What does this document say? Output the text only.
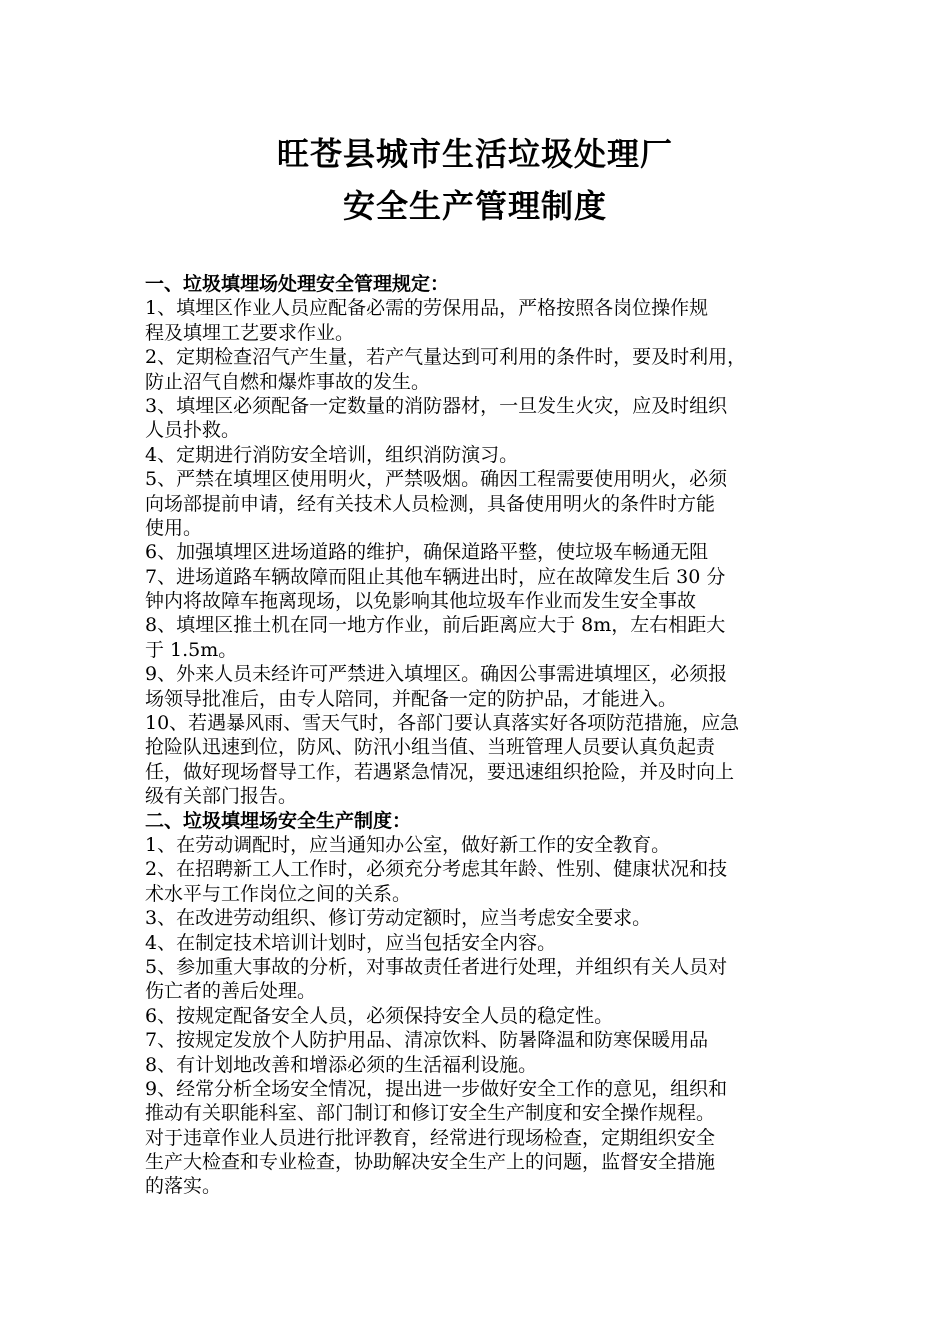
旺苍县城市生活垃圾处理厂
安全生产管理制度
一、垃圾填埋场处理安全管理规定：
1、填埋区作业人员应配备必需的劳保用品，严格按照各岗位操作规
程及填埋工艺要求作业。
2、定期检查沼气产生量，若产气量达到可利用的条件时，要及时利用，
防止沼气自燃和爆炸事故的发生。
3、填埋区必须配备一定数量的消防器材，一旦发生火灾，应及时组织
人员扑救。
4、定期进行消防安全培训，组织消防演习。
5、严禁在填埋区使用明火，严禁吸烟。确因工程需要使用明火，必须
向场部提前申请，经有关技术人员检测，具备使用明火的条件时方能
使用。
6、加强填埋区进场道路的维护，确保道路平整，使垃圾车畅通无阻
7、进场道路车辆故障而阻止其他车辆进出时，应在故障发生后 30 分
钟内将故障车拖离现场，以免影响其他垃圾车作业而发生安全事故
8、填埋区推土机在同一地方作业，前后距离应大于 8m，左右相距大
于 1.5m。
9、外来人员未经许可严禁进入填埋区。确因公事需进填埋区，必须报
场领导批准后，由专人陪同，并配备一定的防护品，才能进入。
10、若遇暴风雨、雪天气时，各部门要认真落实好各项防范措施，应急
抢险队迅速到位，防风、防汛小组当值、当班管理人员要认真负起责
任，做好现场督导工作，若遇紧急情况，要迅速组织抢险，并及时向上
级有关部门报告。
二、垃圾填埋场安全生产制度：
1、在劳动调配时，应当通知办公室，做好新工作的安全教育。
2、在招聘新工人工作时，必须充分考虑其年龄、性别、健康状况和技
术水平与工作岗位之间的关系。
3、在改进劳动组织、修订劳动定额时，应当考虑安全要求。
4、在制定技术培训计划时，应当包括安全内容。
5、参加重大事故的分析，对事故责任者进行处理，并组织有关人员对
伤亡者的善后处理。
6、按规定配备安全人员，必须保持安全人员的稳定性。
7、按规定发放个人防护用品、清凉饮料、防暑降温和防寒保暖用品
8、有计划地改善和增添必须的生活福利设施。
9、经常分析全场安全情况，提出进一步做好安全工作的意见，组织和
推动有关职能科室、部门制订和修订安全生产制度和安全操作规程。
对于违章作业人员进行批评教育，经常进行现场检查，定期组织安全
生产大检查和专业检查，协助解决安全生产上的问题，监督安全措施
的落实。
